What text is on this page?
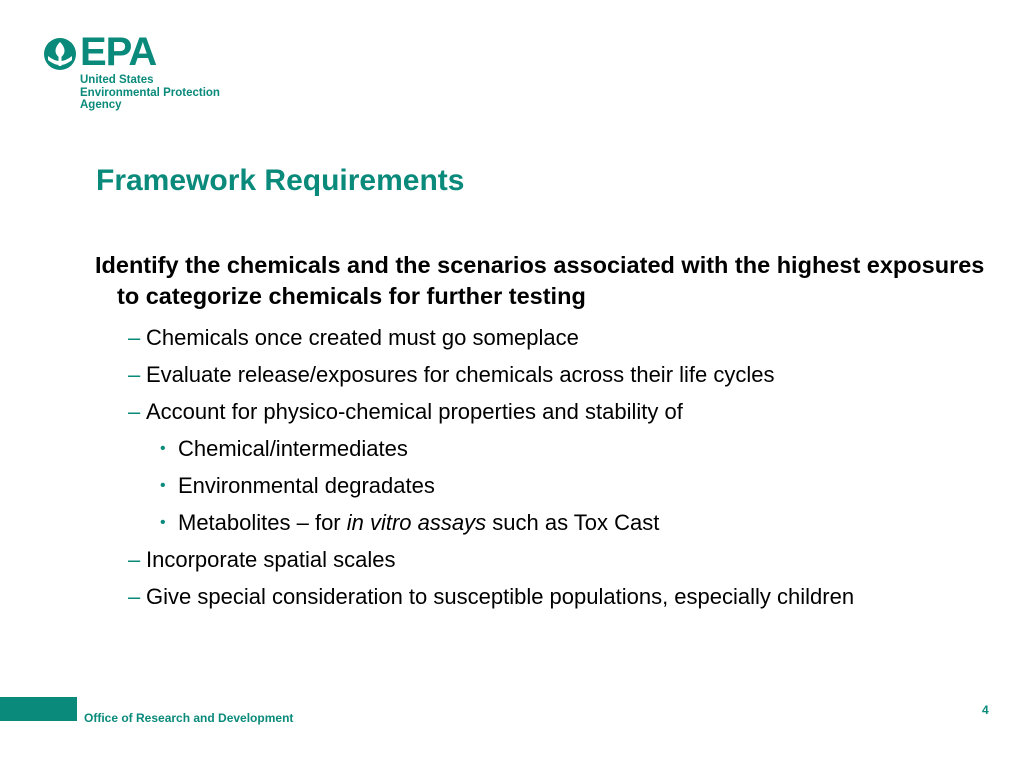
EPA
United States
Environmental Protection
Agency
Framework Requirements
Identify the chemicals and the scenarios associated with the highest exposures to categorize chemicals for further testing
– Chemicals once created must go someplace
– Evaluate release/exposures for chemicals across their life cycles
– Account for physico-chemical properties and stability of
• Chemical/intermediates
• Environmental degradates
• Metabolites – for in vitro assays such as Tox Cast
– Incorporate spatial scales
– Give special consideration to susceptible populations, especially children
Office of Research and Development
4
